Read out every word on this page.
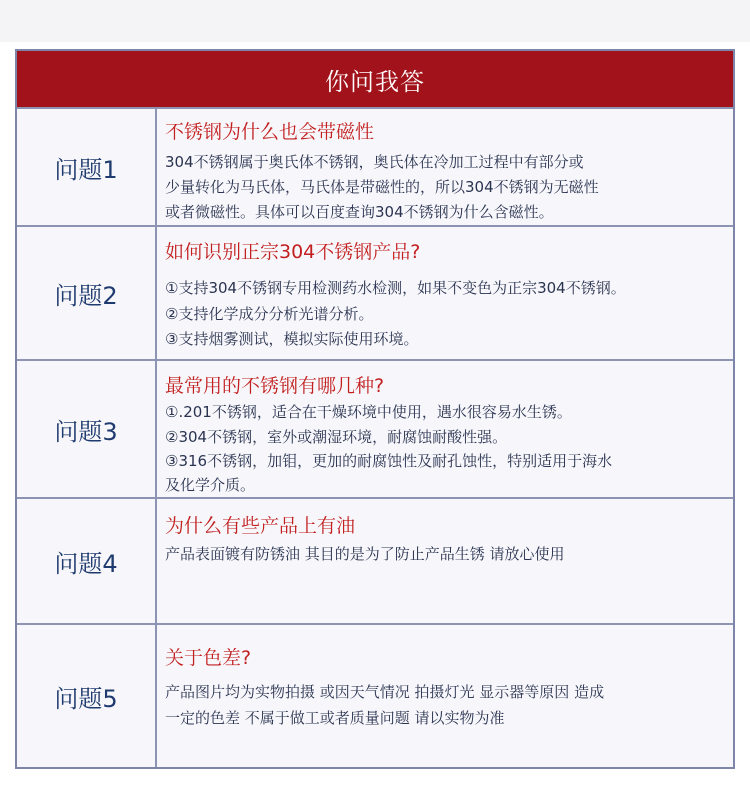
你问我答
问题1
不锈钢为什么也会带磁性
304不锈钢属于奥氏体不锈钢，奥氏体在冷加工过程中有部分或
少量转化为马氏体，马氏体是带磁性的，所以304不锈钢为无磁性
或者微磁性。具体可以百度查询304不锈钢为什么含磁性。
问题2
如何识别正宗304不锈钢产品?
①支持304不锈钢专用检测药水检测，如果不变色为正宗304不锈钢。
②支持化学成分分析光谱分析。
③支持烟雾测试，模拟实际使用环境。
问题3
最常用的不锈钢有哪几种?
①.201不锈钢，适合在干燥环境中使用，遇水很容易水生锈。
②304不锈钢，室外或潮湿环境，耐腐蚀耐酸性强。
③316不锈钢，加钼，更加的耐腐蚀性及耐孔蚀性，特别适用于海水
及化学介质。
问题4
为什么有些产品上有油
产品表面镀有防锈油 其目的是为了防止产品生锈 请放心使用
问题5
关于色差?
产品图片均为实物拍摄 或因天气情况 拍摄灯光 显示器等原因 造成
一定的色差 不属于做工或者质量问题 请以实物为准
